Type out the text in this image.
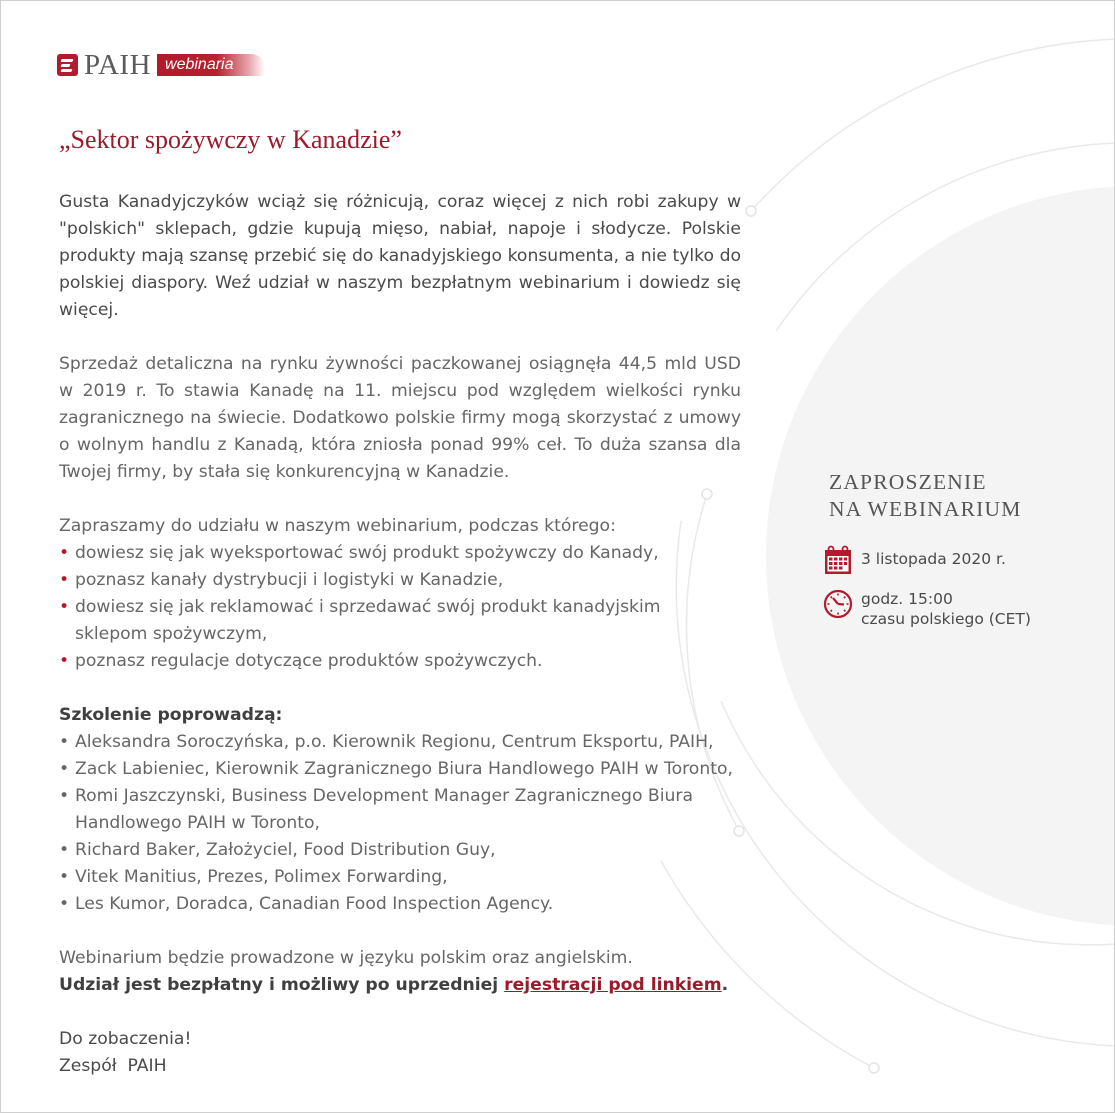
PAIH webinaria
„Sektor spożywczy w Kanadzie”

Gusta Kanadyjczyków wciąż się różnicują, coraz więcej z nich robi zakupy w "polskich" sklepach, gdzie kupują mięso, nabiał, napoje i słodycze. Polskie produkty mają szansę przebić się do kanadyjskiego konsumenta, a nie tylko do polskiej diaspory. Weź udział w naszym bezpłatnym webinarium i dowiedz się więcej.

Sprzedaż detaliczna na rynku żywności paczkowanej osiągnęła 44,5 mld USD w 2019 r. To stawia Kanadę na 11. miejscu pod względem wielkości rynku zagranicznego na świecie. Dodatkowo polskie firmy mogą skorzystać z umowy o wolnym handlu z Kanadą, która zniosła ponad 99% ceł. To duża szansa dla Twojej firmy, by stała się konkurencyjną w Kanadzie.

Zapraszamy do udziału w naszym webinarium, podczas którego:

• dowiesz się jak wyeksportować swój produkt spożywczy do Kanady,
• poznasz kanały dystrybucji i logistyki w Kanadzie,
• dowiesz się jak reklamować i sprzedawać swój produkt kanadyjskim sklepom spożywczym,
• poznasz regulacje dotyczące produktów spożywczych.

Szkolenie poprowadzą:

• Aleksandra Soroczyńska, p.o. Kierownik Regionu, Centrum Eksportu, PAIH,
• Zack Labieniec, Kierownik Zagranicznego Biura Handlowego PAIH w Toronto,
• Romi Jaszczynski, Business Development Manager Zagranicznego Biura Handlowego PAIH w Toronto,
• Richard Baker, Założyciel, Food Distribution Guy,
• Vitek Manitius, Prezes, Polimex Forwarding,
• Les Kumor, Doradca, Canadian Food Inspection Agency.

Webinarium będzie prowadzone w języku polskim oraz angielskim.

Udział jest bezpłatny i możliwy po uprzedniej rejestracji pod linkiem.

Do zobaczenia!

Zespół  PAIH

ZAPROSZENIE
NA WEBINARIUM
3 listopada 2020 r.
godz. 15:00
czasu polskiego (CET)
